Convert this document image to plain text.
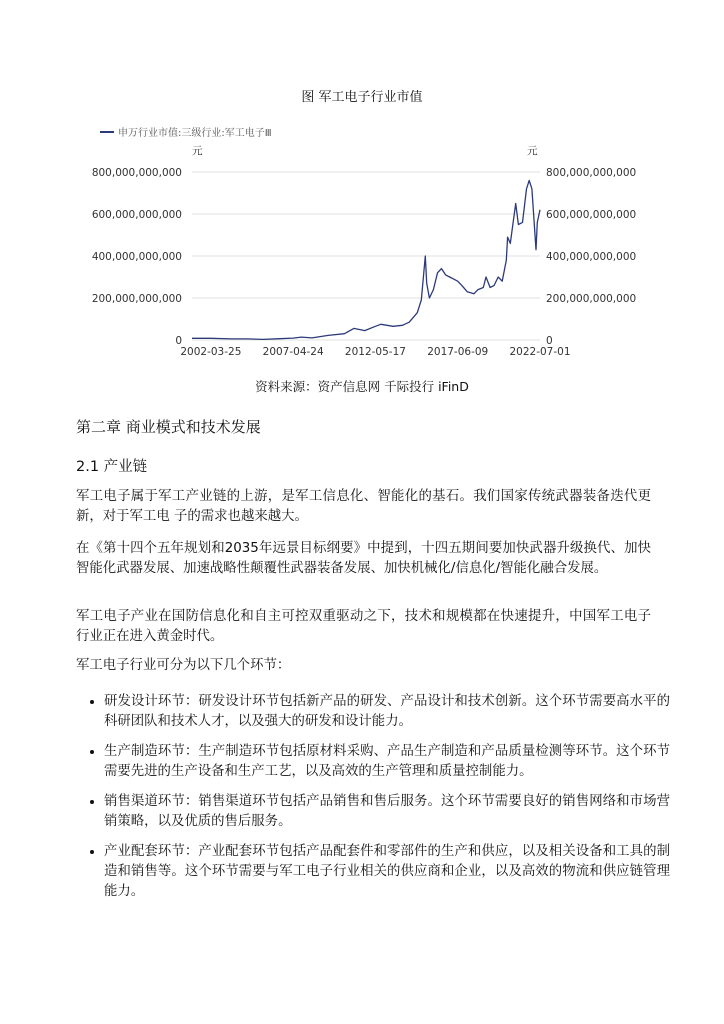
图 军工电子行业市值
申万行业市值:三级行业:军工电子Ⅲ
元	元
800,000,000,000	800,000,000,000
600,000,000,000	600,000,000,000
400,000,000,000	400,000,000,000
200,000,000,000	200,000,000,000
0	0
2002-03-25 2007-04-24 2012-05-17 2017-06-09 2022-07-01
资料来源：资产信息网 千际投行 iFinD
第二章 商业模式和技术发展
2.1 产业链
军工电子属于军工产业链的上游，是军工信息化、智能化的基石。我们国家传统武器装备迭代更新，对于军工电 子的需求也越来越大。
在《第十四个五年规划和2035年远景目标纲要》中提到，十四五期间要加快武器升级换代、加快智能化武器发展、加速战略性颠覆性武器装备发展、加快机械化/信息化/智能化融合发展。
军工电子产业在国防信息化和自主可控双重驱动之下，技术和规模都在快速提升，中国军工电子行业正在进入黄金时代。
军工电子行业可分为以下几个环节：
• 研发设计环节：研发设计环节包括新产品的研发、产品设计和技术创新。这个环节需要高水平的科研团队和技术人才，以及强大的研发和设计能力。
• 生产制造环节：生产制造环节包括原材料采购、产品生产制造和产品质量检测等环节。这个环节需要先进的生产设备和生产工艺，以及高效的生产管理和质量控制能力。
• 销售渠道环节：销售渠道环节包括产品销售和售后服务。这个环节需要良好的销售网络和市场营销策略，以及优质的售后服务。
• 产业配套环节：产业配套环节包括产品配套件和零部件的生产和供应，以及相关设备和工具的制造和销售等。这个环节需要与军工电子行业相关的供应商和企业，以及高效的物流和供应链管理能力。
